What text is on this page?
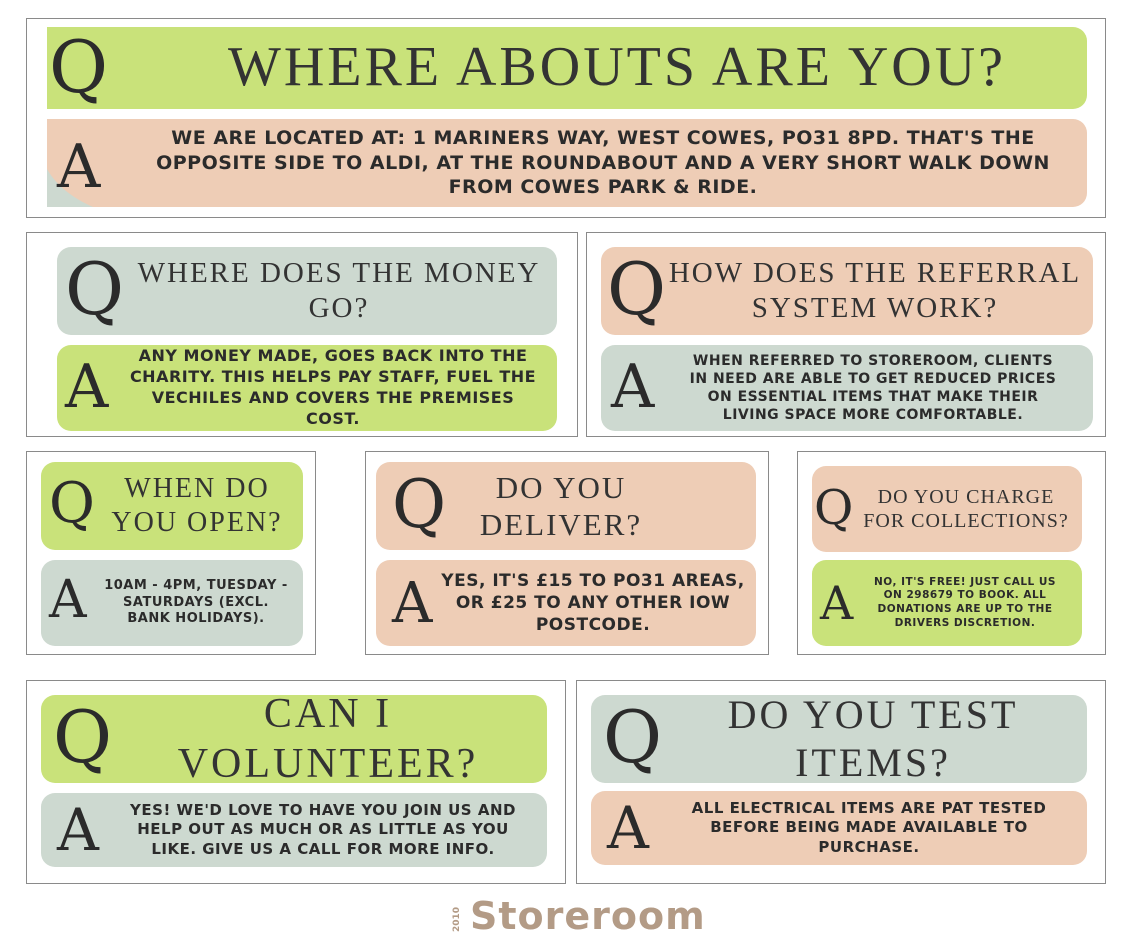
Q	WHERE ABOUTS ARE YOU?
A	WE ARE LOCATED AT: 1 MARINERS WAY, WEST COWES, PO31 8PD. THAT'S THE OPPOSITE SIDE TO ALDI, AT THE ROUNDABOUT AND A VERY SHORT WALK DOWN FROM COWES PARK & RIDE.
Q WHERE DOES THE MONEY GO?
A	ANY MONEY MADE, GOES BACK INTO THE CHARITY. THIS HELPS PAY STAFF, FUEL THE VECHILES AND COVERS THE PREMISES COST.
Q HOW DOES THE REFERRAL SYSTEM WORK?
A	WHEN REFERRED TO STOREROOM, CLIENTS IN NEED ARE ABLE TO GET REDUCED PRICES ON ESSENTIAL ITEMS THAT MAKE THEIR LIVING SPACE MORE COMFORTABLE.
Q	WHEN DO YOU OPEN?
A 10AM - 4PM, TUESDAY - SATURDAYS (EXCL. BANK HOLIDAYS).
Q	DO YOU DELIVER?
A YES, IT'S £15 TO PO31 AREAS, OR £25 TO ANY OTHER IOW POSTCODE.
Q	DO YOU CHARGE FOR COLLECTIONS?
A	NO, IT'S FREE! JUST CALL US ON 298679 TO BOOK. ALL DONATIONS ARE UP TO THE DRIVERS DISCRETION.
Q	CAN I VOLUNTEER?
A	YES! WE'D LOVE TO HAVE YOU JOIN US AND HELP OUT AS MUCH OR AS LITTLE AS YOU LIKE. GIVE US A CALL FOR MORE INFO.
Q	DO YOU TEST ITEMS?
A	ALL ELECTRICAL ITEMS ARE PAT TESTED BEFORE BEING MADE AVAILABLE TO PURCHASE.
2010 Storeroom
